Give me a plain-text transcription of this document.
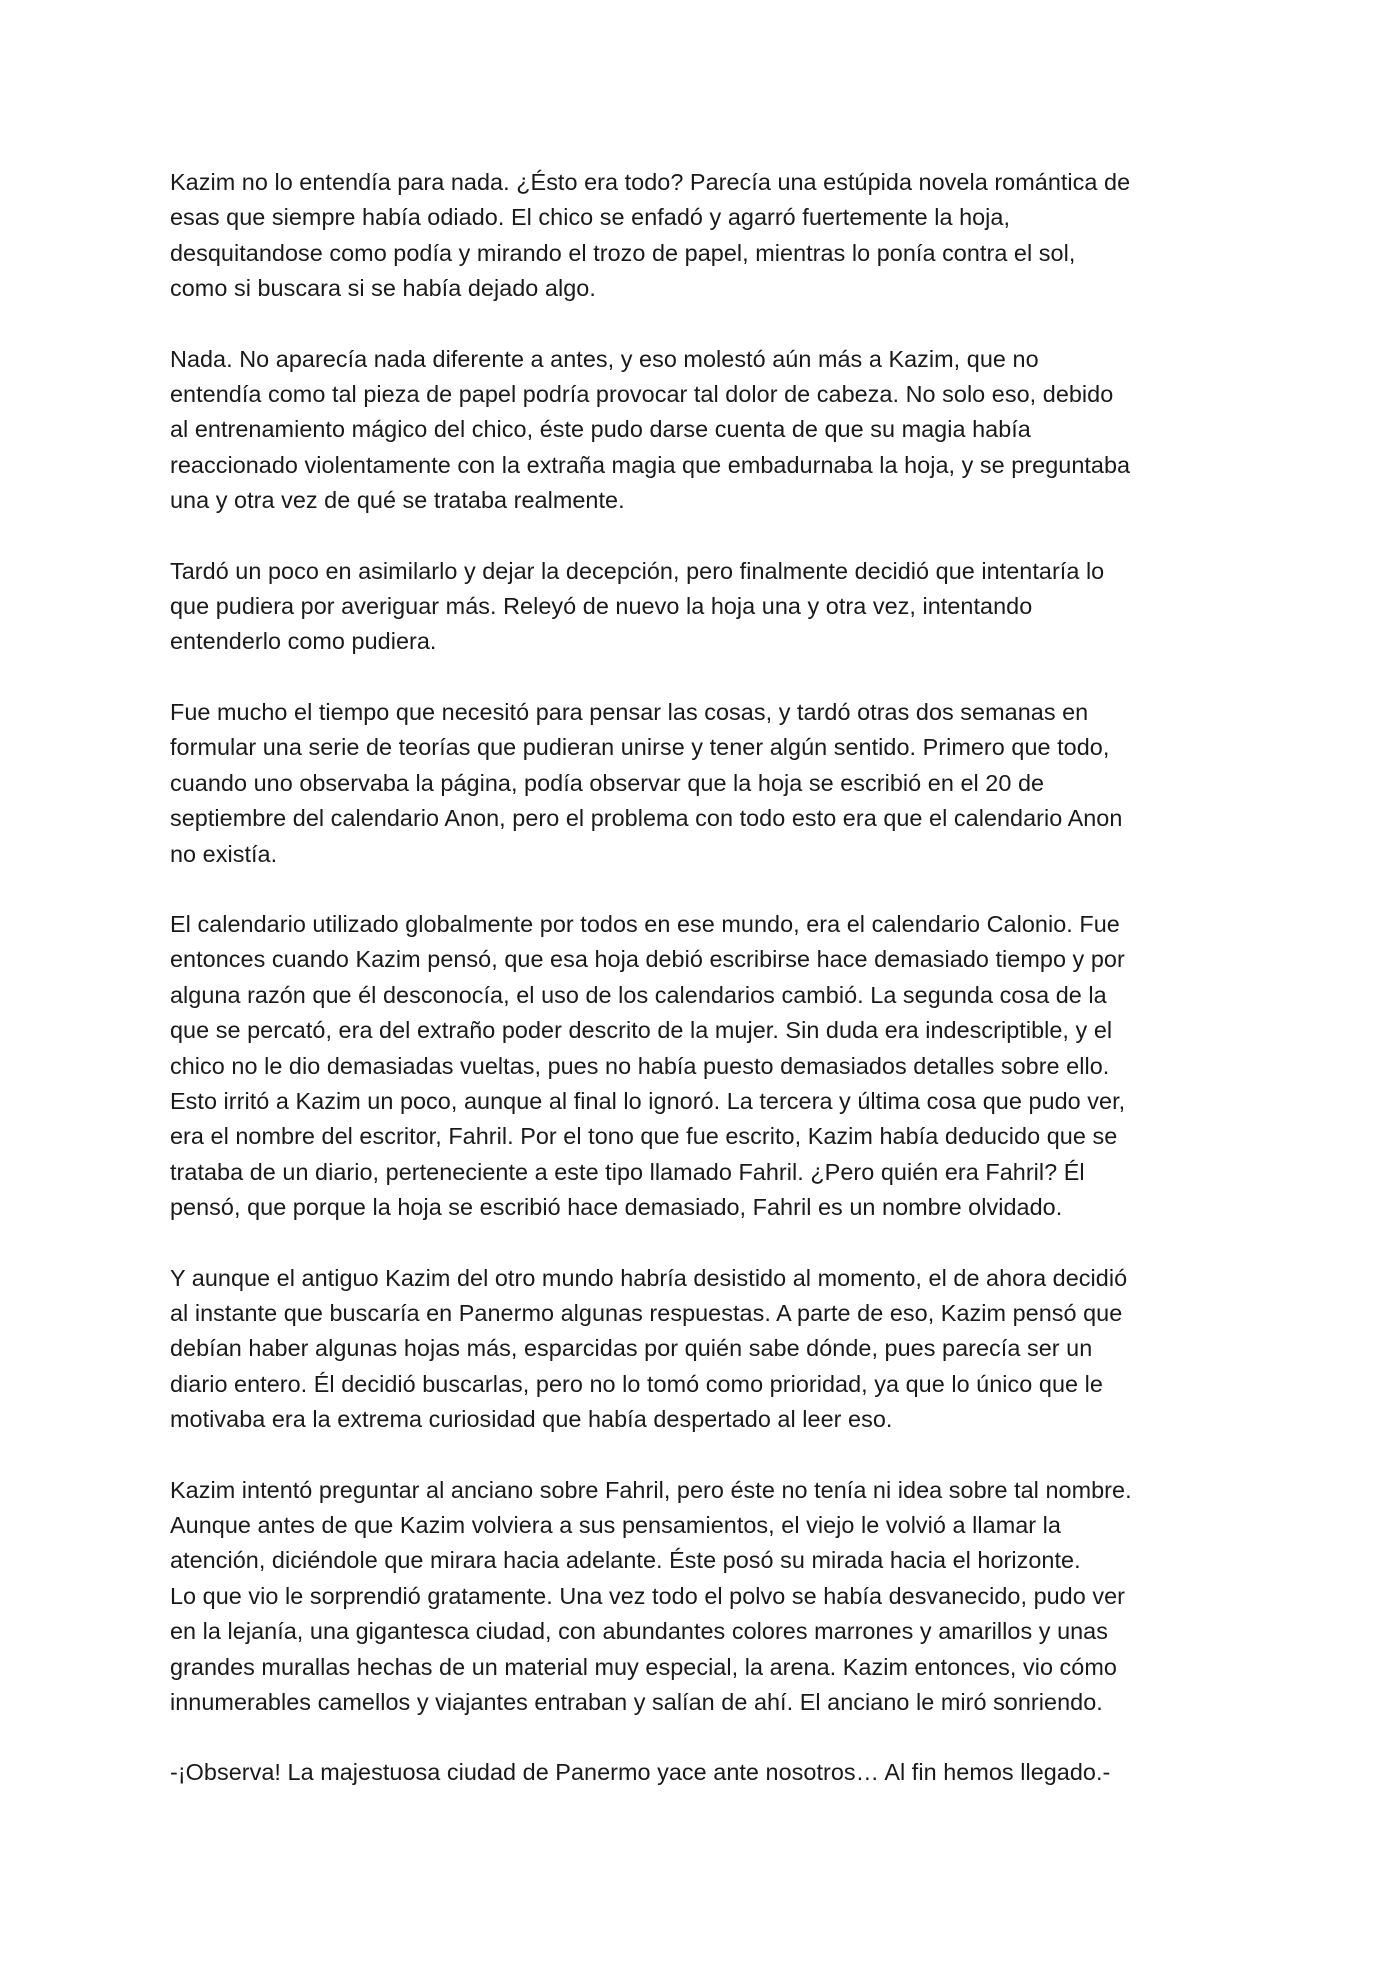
Kazim no lo entendía para nada. ¿Ésto era todo? Parecía una estúpida novela romántica de
esas que siempre había odiado. El chico se enfadó y agarró fuertemente la hoja,
desquitandose como podía y mirando el trozo de papel, mientras lo ponía contra el sol,
como si buscara si se había dejado algo.

Nada. No aparecía nada diferente a antes, y eso molestó aún más a Kazim, que no
entendía como tal pieza de papel podría provocar tal dolor de cabeza. No solo eso, debido
al entrenamiento mágico del chico, éste pudo darse cuenta de que su magia había
reaccionado violentamente con la extraña magia que embadurnaba la hoja, y se preguntaba
una y otra vez de qué se trataba realmente.

Tardó un poco en asimilarlo y dejar la decepción, pero finalmente decidió que intentaría lo
que pudiera por averiguar más. Releyó de nuevo la hoja una y otra vez, intentando
entenderlo como pudiera.

Fue mucho el tiempo que necesitó para pensar las cosas, y tardó otras dos semanas en
formular una serie de teorías que pudieran unirse y tener algún sentido. Primero que todo,
cuando uno observaba la página, podía observar que la hoja se escribió en el 20 de
septiembre del calendario Anon, pero el problema con todo esto era que el calendario Anon
no existía.

El calendario utilizado globalmente por todos en ese mundo, era el calendario Calonio. Fue
entonces cuando Kazim pensó, que esa hoja debió escribirse hace demasiado tiempo y por
alguna razón que él desconocía, el uso de los calendarios cambió. La segunda cosa de la
que se percató, era del extraño poder descrito de la mujer. Sin duda era indescriptible, y el
chico no le dio demasiadas vueltas, pues no había puesto demasiados detalles sobre ello.
Esto irritó a Kazim un poco, aunque al final lo ignoró. La tercera y última cosa que pudo ver,
era el nombre del escritor, Fahril. Por el tono que fue escrito, Kazim había deducido que se
trataba de un diario, perteneciente a este tipo llamado Fahril. ¿Pero quién era Fahril? Él
pensó, que porque la hoja se escribió hace demasiado, Fahril es un nombre olvidado.

Y aunque el antiguo Kazim del otro mundo habría desistido al momento, el de ahora decidió
al instante que buscaría en Panermo algunas respuestas. A parte de eso, Kazim pensó que
debían haber algunas hojas más, esparcidas por quién sabe dónde, pues parecía ser un
diario entero. Él decidió buscarlas, pero no lo tomó como prioridad, ya que lo único que le
motivaba era la extrema curiosidad que había despertado al leer eso.

Kazim intentó preguntar al anciano sobre Fahril, pero éste no tenía ni idea sobre tal nombre.
Aunque antes de que Kazim volviera a sus pensamientos, el viejo le volvió a llamar la
atención, diciéndole que mirara hacia adelante. Éste posó su mirada hacia el horizonte.
Lo que vio le sorprendió gratamente. Una vez todo el polvo se había desvanecido, pudo ver
en la lejanía, una gigantesca ciudad, con abundantes colores marrones y amarillos y unas
grandes murallas hechas de un material muy especial, la arena. Kazim entonces, vio cómo
innumerables camellos y viajantes entraban y salían de ahí. El anciano le miró sonriendo.

-¡Observa! La majestuosa ciudad de Panermo yace ante nosotros… Al fin hemos llegado.-
